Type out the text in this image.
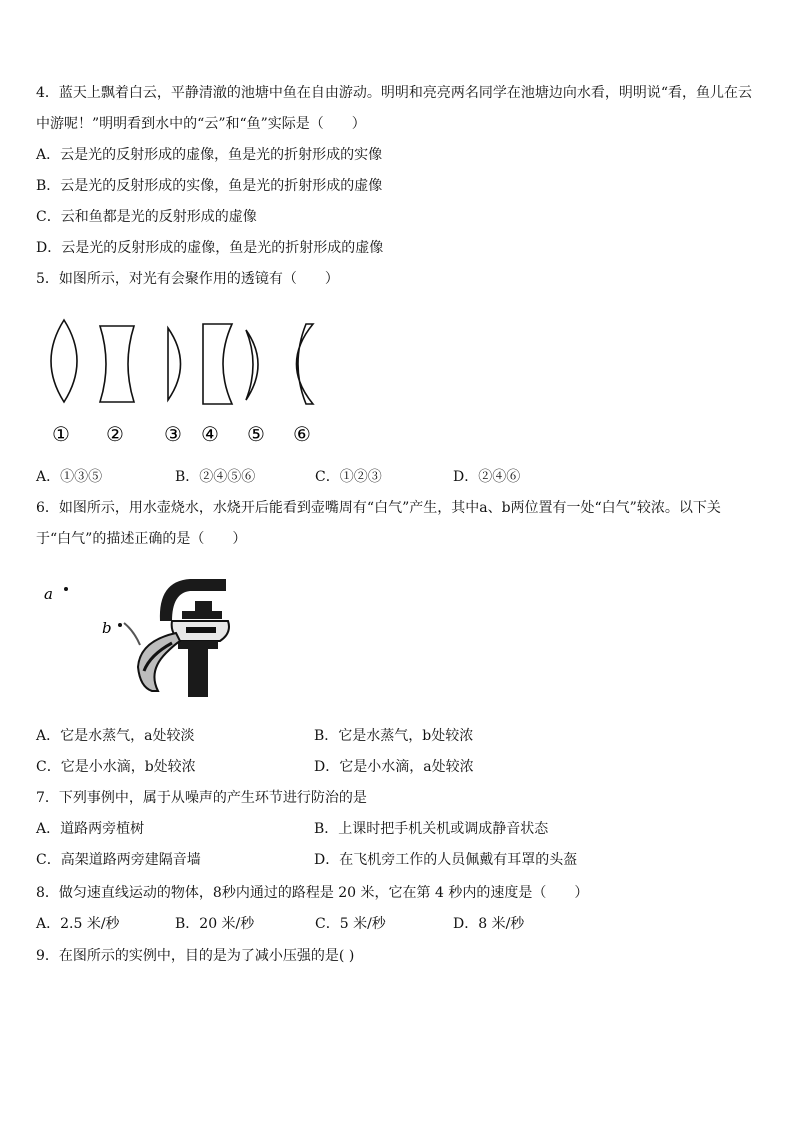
4．蓝天上飘着白云，平静清澈的池塘中鱼在自由游动。明明和亮亮两名同学在池塘边向水看，明明说“看，鱼儿在云
中游呢！”明明看到水中的“云”和“鱼”实际是（　　）
A．云是光的反射形成的虚像，鱼是光的折射形成的实像
B．云是光的反射形成的实像，鱼是光的折射形成的虚像
C．云和鱼都是光的反射形成的虚像
D．云是光的反射形成的虚像，鱼是光的折射形成的虚像
5．如图所示，对光有会聚作用的透镜有（　　）
① ② ③ ④ ⑤ ⑥
A．①③⑤	B．②④⑤⑥	C．①②③	D．②④⑥
6．如图所示，用水壶烧水，水烧开后能看到壶嘴周有“白气”产生，其中a、b两位置有一处“白气”较浓。以下关
于“白气”的描述正确的是（　　）
a
b
A．它是水蒸气，a处较淡	B．它是水蒸气，b处较浓
C．它是小水滴，b处较浓	D．它是小水滴，a处较浓
7．下列事例中，属于从噪声的产生环节进行防治的是
A．道路两旁植树	B．上课时把手机关机或调成静音状态
C．高架道路两旁建隔音墙	D．在飞机旁工作的人员佩戴有耳罩的头盔
8．做匀速直线运动的物体，8秒内通过的路程是 20 米，它在第 4 秒内的速度是（　　）
A．2.5 米/秒	B．20 米/秒	C．5 米/秒	D．8 米/秒
9．在图所示的实例中，目的是为了减小压强的是( )
